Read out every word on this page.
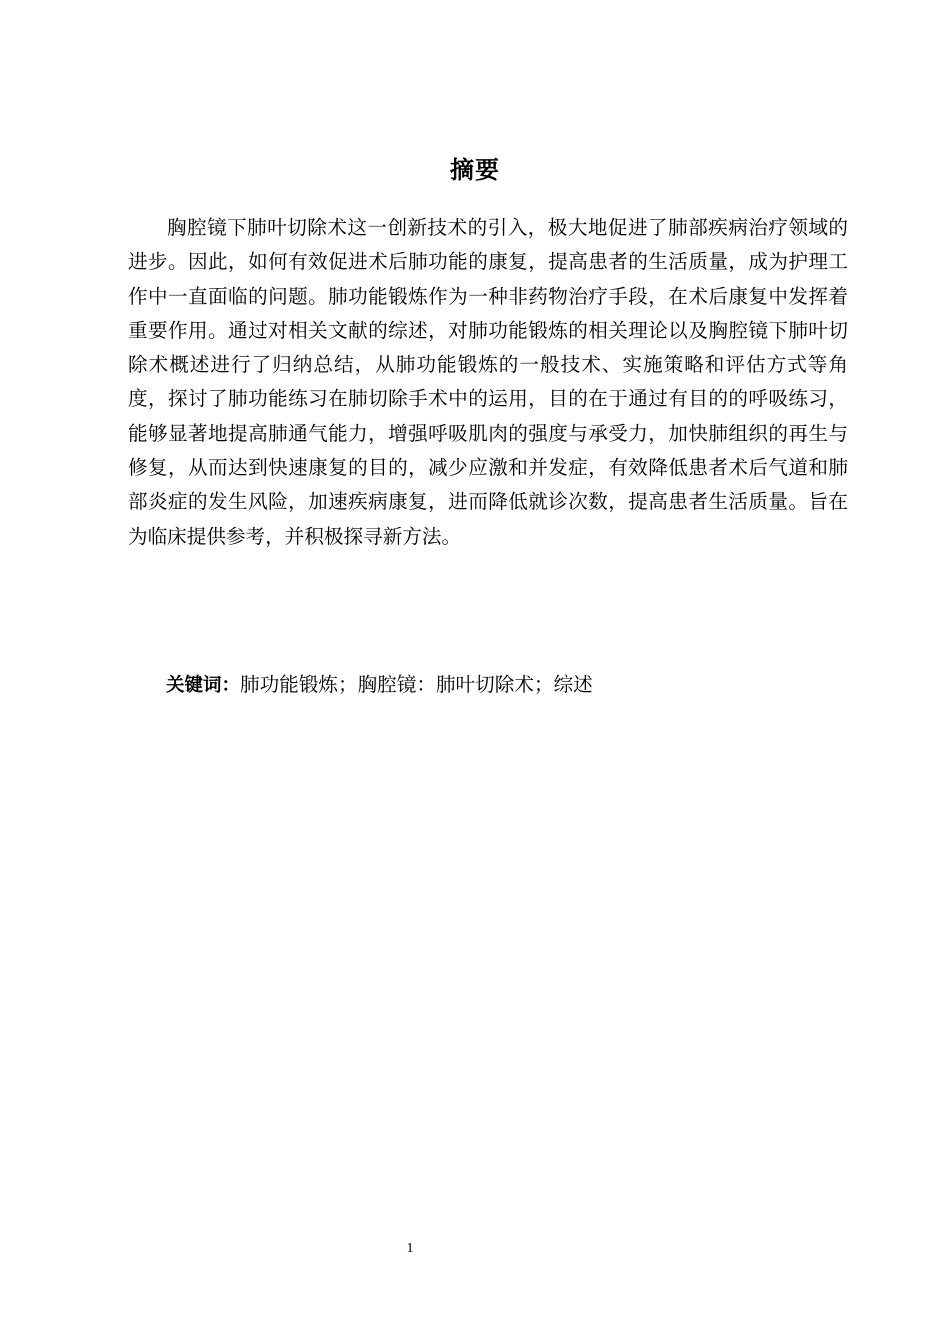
摘要

胸腔镜下肺叶切除术这一创新技术的引入，极大地促进了肺部疾病治疗领域的进步。因此，如何有效促进术后肺功能的康复，提高患者的生活质量，成为护理工作中一直面临的问题。肺功能锻炼作为一种非药物治疗手段，在术后康复中发挥着重要作用。通过对相关文献的综述，对肺功能锻炼的相关理论以及胸腔镜下肺叶切除术概述进行了归纳总结，从肺功能锻炼的一般技术、实施策略和评估方式等角度，探讨了肺功能练习在肺切除手术中的运用，目的在于通过有目的的呼吸练习，能够显著地提高肺通气能力，增强呼吸肌肉的强度与承受力，加快肺组织的再生与修复，从而达到快速康复的目的，减少应激和并发症，有效降低患者术后气道和肺部炎症的发生风险，加速疾病康复，进而降低就诊次数，提高患者生活质量。旨在为临床提供参考，并积极探寻新方法。

关键词：肺功能锻炼；胸腔镜：肺叶切除术；综述
1
